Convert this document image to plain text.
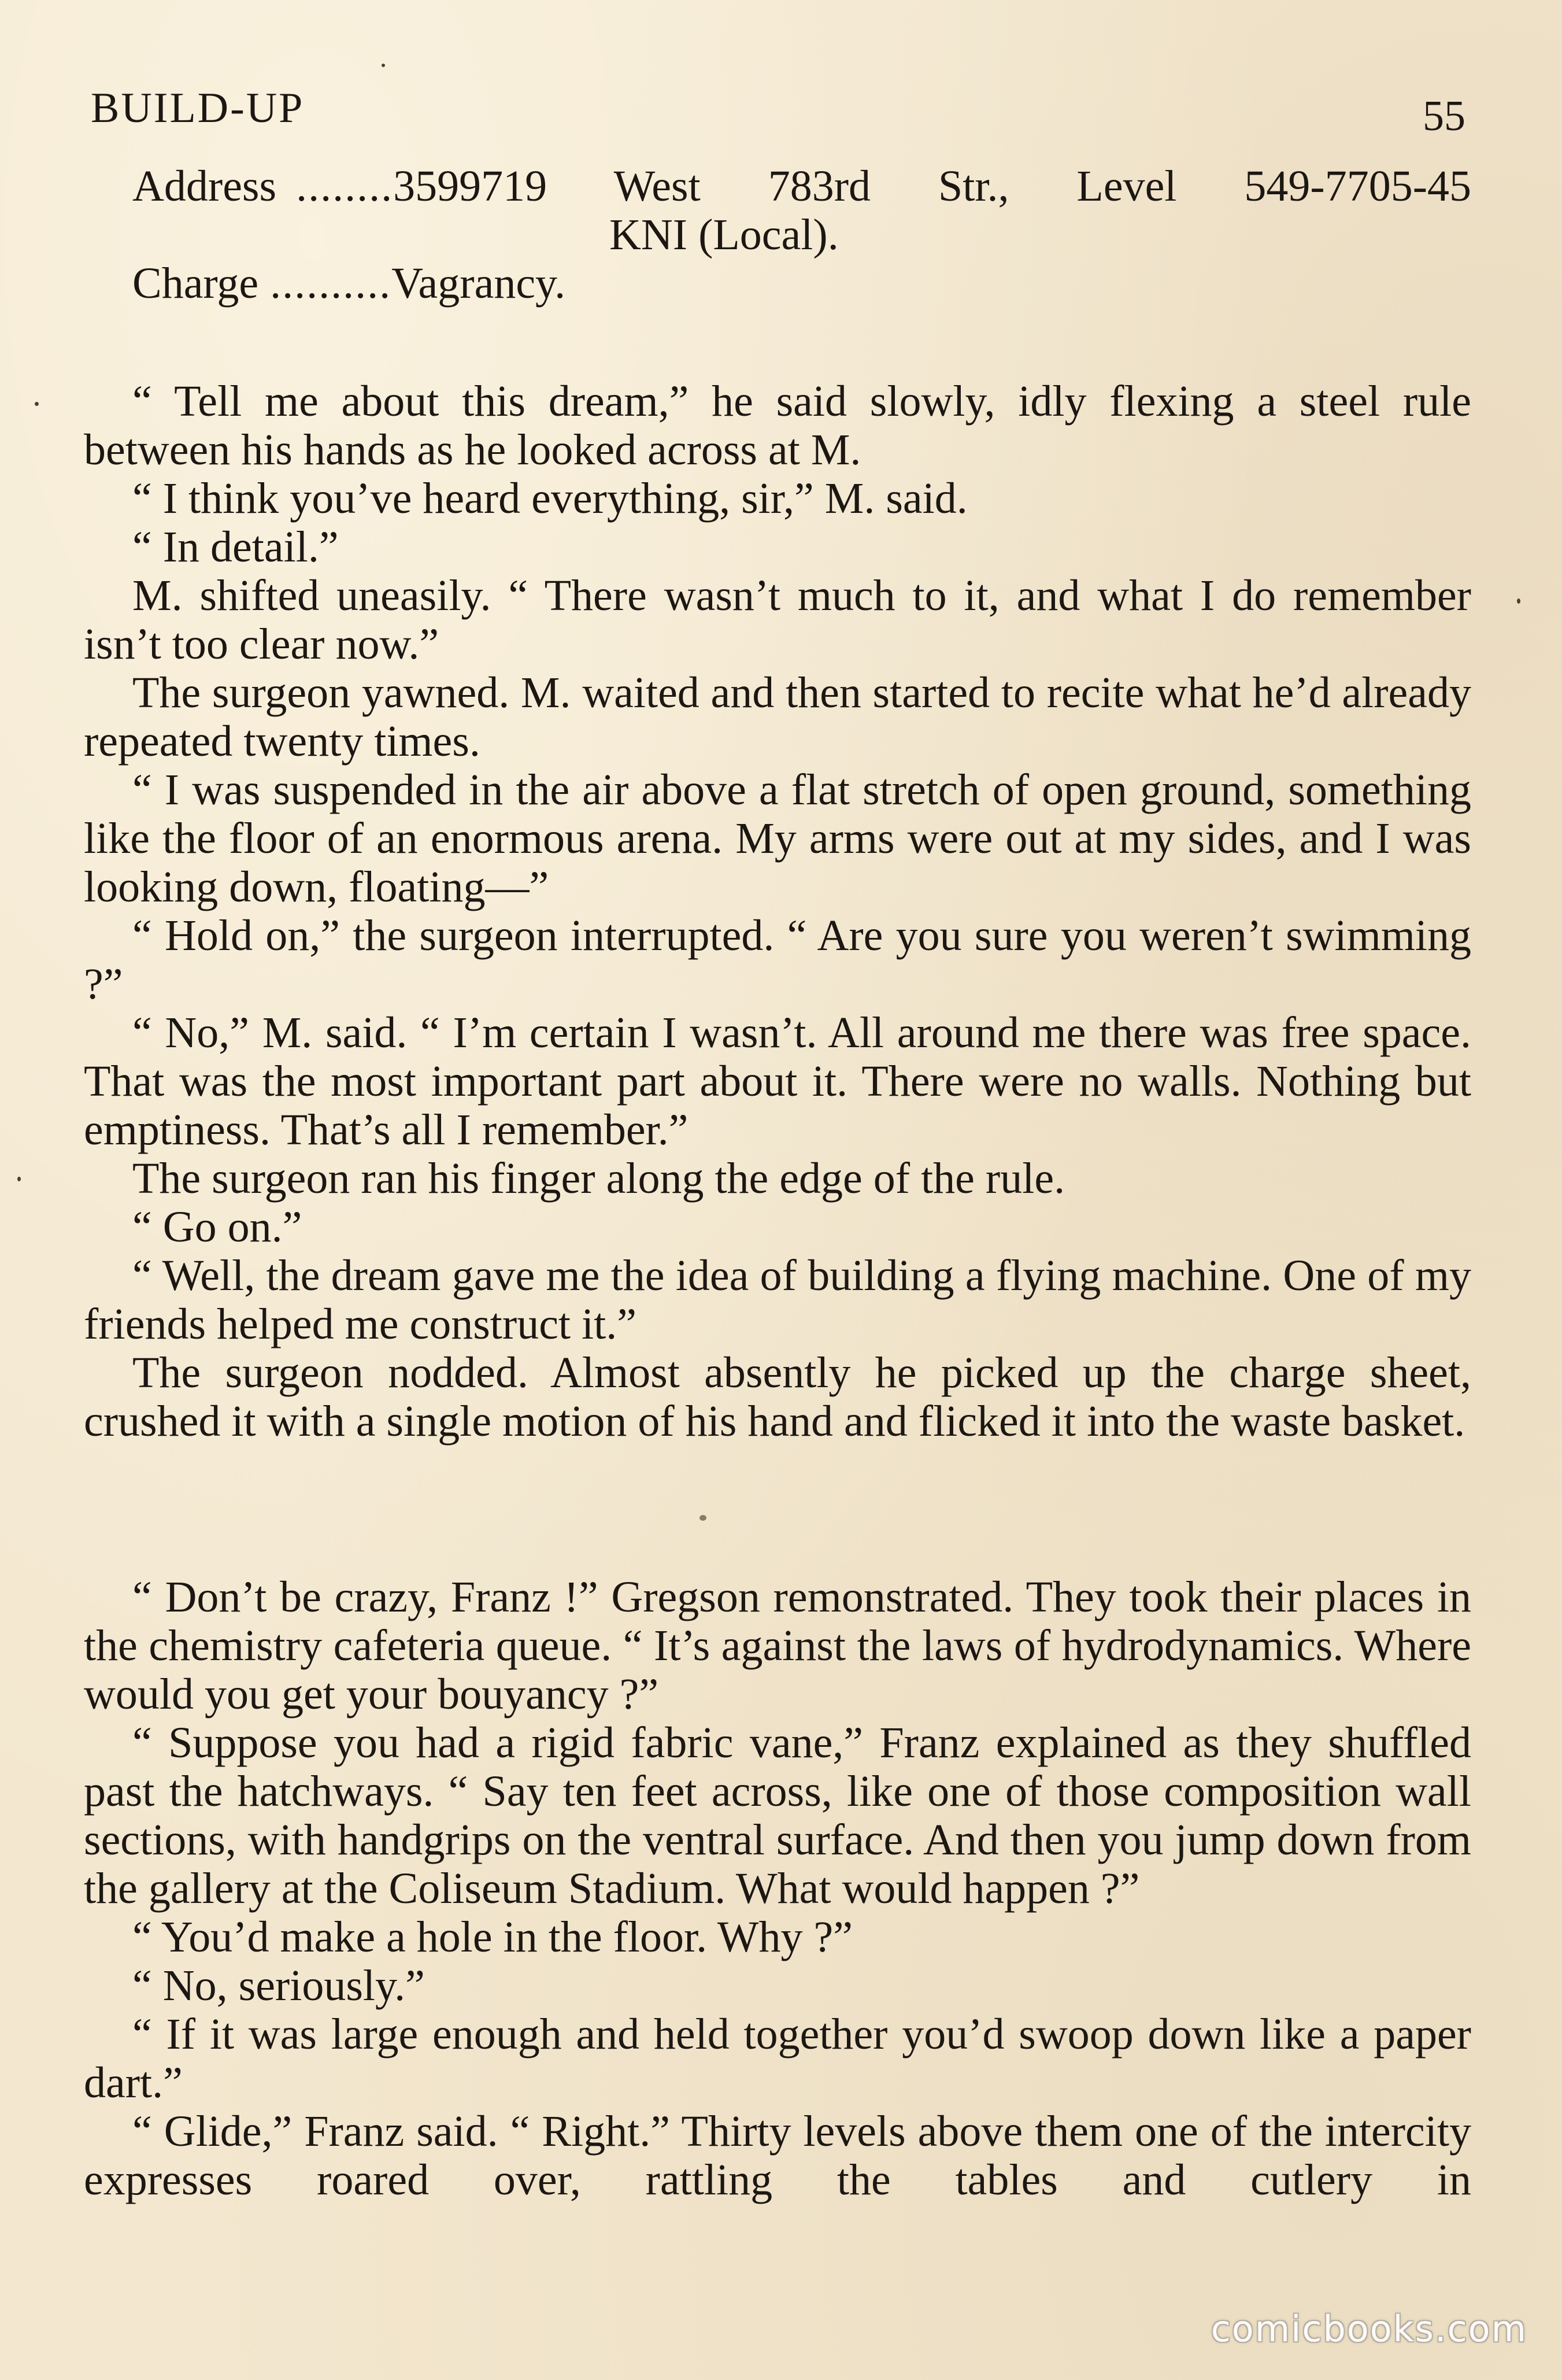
BUILD-UP	55
Address ........ 3599719 West 783rd Str., Level 549-7705-45
KNI (Local).
Charge .......... Vagrancy.

“ Tell me about this dream,” he said slowly, idly flexing a steel rule between his hands as he looked across at M.

“ I think you’ve heard everything, sir,” M. said.

“ In detail.”

M. shifted uneasily. “ There wasn’t much to it, and what I do remember isn’t too clear now.”

The surgeon yawned. M. waited and then started to recite what he’d already repeated twenty times.

“ I was suspended in the air above a flat stretch of open ground, something like the floor of an enormous arena. My arms were out at my sides, and I was looking down, floating—”

“ Hold on,” the surgeon interrupted. “ Are you sure you weren’t swimming ?”

“ No,” M. said. “ I’m certain I wasn’t. All around me there was free space. That was the most important part about it. There were no walls. Nothing but emptiness. That’s all I remember.”

The surgeon ran his finger along the edge of the rule.

“ Go on.”

“ Well, the dream gave me the idea of building a flying machine. One of my friends helped me construct it.”

The surgeon nodded. Almost absently he picked up the charge sheet, crushed it with a single motion of his hand and flicked it into the waste basket.

“ Don’t be crazy, Franz !” Gregson remonstrated. They took their places in the chemistry cafeteria queue. “ It’s against the laws of hydrodynamics. Where would you get your bouyancy ?”

“ Suppose you had a rigid fabric vane,” Franz explained as they shuffled past the hatchways. “ Say ten feet across, like one of those composition wall sections, with handgrips on the ventral surface. And then you jump down from the gallery at the Coliseum Stadium. What would happen ?”

“ You’d make a hole in the floor. Why ?”

“ No, seriously.”

“ If it was large enough and held together you’d swoop down like a paper dart.”

“ Glide,” Franz said. “ Right.” Thirty levels above them one of the intercity expresses roared over, rattling the tables and cutlery in

comicbooks.com
